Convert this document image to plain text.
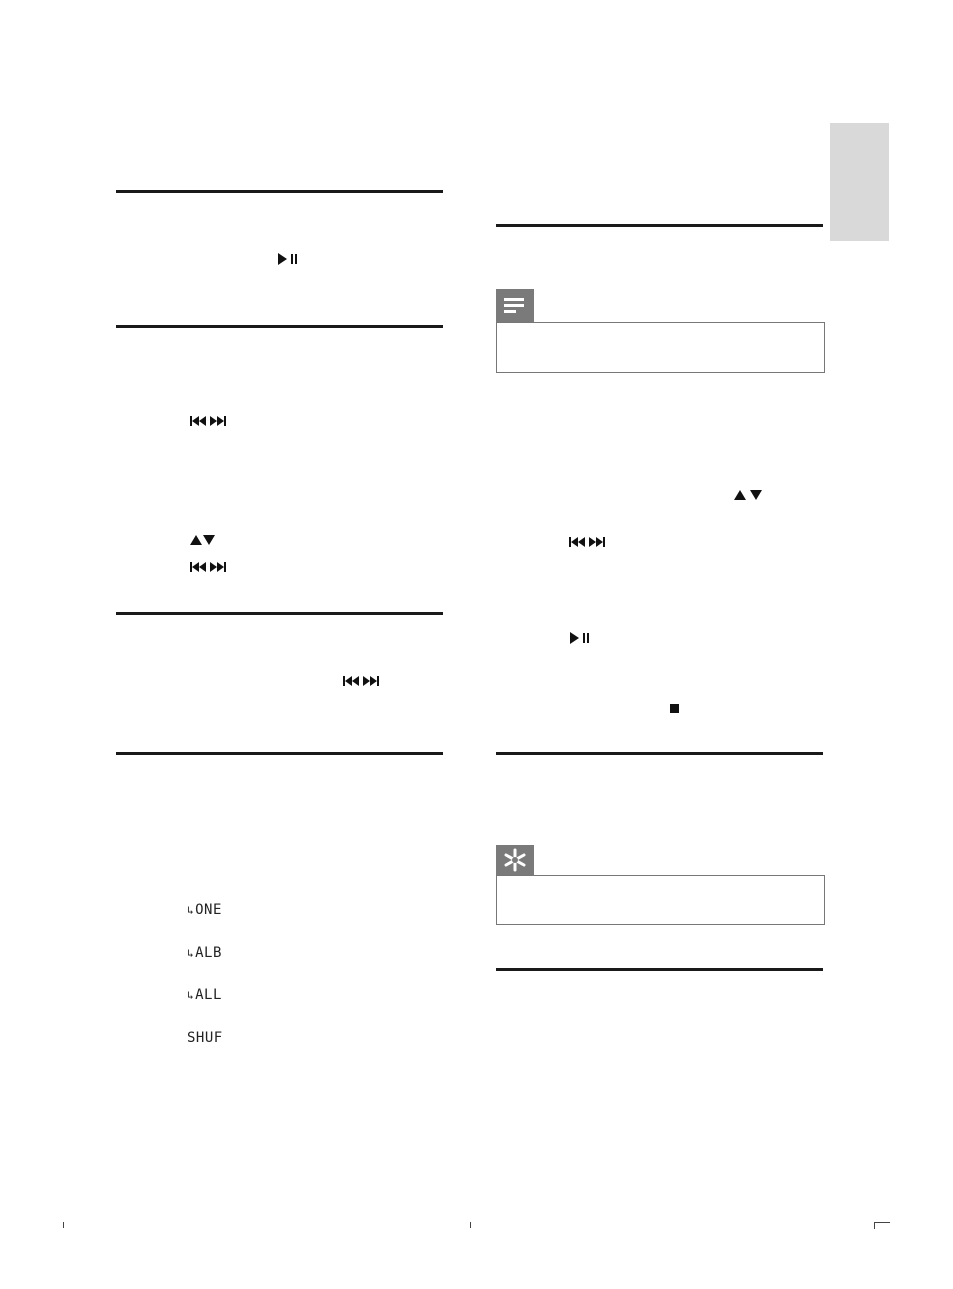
↳ ONE
↳ ALB
↳ ALL
SHUF
